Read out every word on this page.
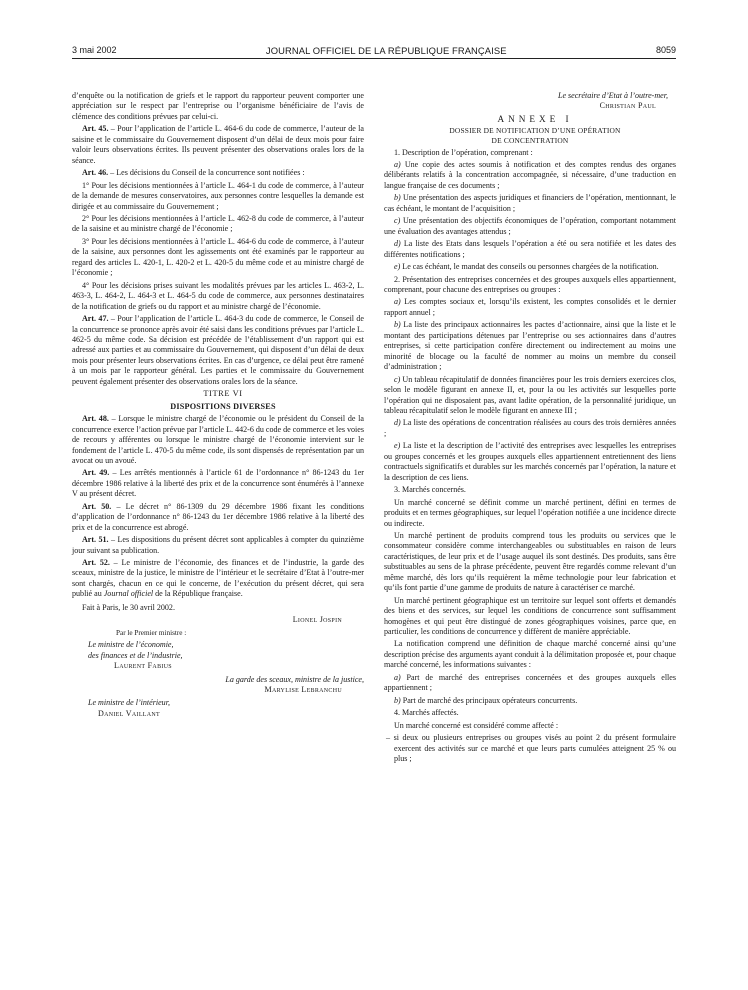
3 mai 2002	JOURNAL OFFICIEL DE LA RÉPUBLIQUE FRANÇAISE	8059

d’enquête ou la notification de griefs et le rapport du rapporteur peuvent comporter une appréciation sur le respect par l’entreprise ou l’organisme bénéficiaire de l’avis de clémence des conditions prévues par celui-ci.

Art. 45. – Pour l’application de l’article L. 464-6 du code de commerce, l’auteur de la saisine et le commissaire du Gouvernement disposent d’un délai de deux mois pour faire valoir leurs observations écrites. Ils peuvent présenter des observations orales lors de la séance.

Art. 46. – Les décisions du Conseil de la concurrence sont notifiées :

1° Pour les décisions mentionnées à l’article L. 464-1 du code de commerce, à l’auteur de la demande de mesures conservatoires, aux personnes contre lesquelles la demande est dirigée et au commissaire du Gouvernement ;

2° Pour les décisions mentionnées à l’article L. 462-8 du code de commerce, à l’auteur de la saisine et au ministre chargé de l’économie ;

3° Pour les décisions mentionnées à l’article L. 464-6 du code de commerce, à l’auteur de la saisine, aux personnes dont les agissements ont été examinés par le rapporteur au regard des articles L. 420-1, L. 420-2 et L. 420-5 du même code et au ministre chargé de l’économie ;

4° Pour les décisions prises suivant les modalités prévues par les articles L. 463-2, L. 463-3, L. 464-2, L. 464-3 et L. 464-5 du code de commerce, aux personnes destinataires de la notification de griefs ou du rapport et au ministre chargé de l’économie.

Art. 47. – Pour l’application de l’article L. 464-3 du code de commerce, le Conseil de la concurrence se prononce après avoir été saisi dans les conditions prévues par l’article L. 462-5 du même code. Sa décision est précédée de l’établissement d’un rapport qui est adressé aux parties et au commissaire du Gouvernement, qui disposent d’un délai de deux mois pour présenter leurs observations écrites. En cas d’urgence, ce délai peut être ramené à un mois par le rapporteur général. Les parties et le commissaire du Gouvernement peuvent également présenter des observations orales lors de la séance.

TITRE VI

DISPOSITIONS DIVERSES

Art. 48. – Lorsque le ministre chargé de l’économie ou le président du Conseil de la concurrence exerce l’action prévue par l’article L. 442-6 du code de commerce et les voies de recours y afférentes ou lorsque le ministre chargé de l’économie intervient sur le fondement de l’article L. 470-5 du même code, ils sont dispensés de représentation par un avocat ou un avoué.

Art. 49. – Les arrêtés mentionnés à l’article 61 de l’ordonnance n° 86-1243 du 1er décembre 1986 relative à la liberté des prix et de la concurrence sont énumérés à l’annexe V au présent décret.

Art. 50. – Le décret n° 86-1309 du 29 décembre 1986 fixant les conditions d’application de l’ordonnance n° 86-1243 du 1er décembre 1986 relative à la liberté des prix et de la concurrence est abrogé.

Art. 51. – Les dispositions du présent décret sont applicables à compter du quinzième jour suivant sa publication.

Art. 52. – Le ministre de l’économie, des finances et de l’industrie, la garde des sceaux, ministre de la justice, le ministre de l’intérieur et le secrétaire d’Etat à l’outre-mer sont chargés, chacun en ce qui le concerne, de l’exécution du présent décret, qui sera publié au Journal officiel de la République française.

Fait à Paris, le 30 avril 2002.

Lionel Jospin

Par le Premier ministre :

Le ministre de l’économie,

des finances et de l’industrie,

Laurent Fabius

La garde des sceaux, ministre de la justice,

Marylise Lebranchu

Le ministre de l’intérieur,

Daniel Vaillant

Le secrétaire d’Etat à l’outre-mer,

Christian Paul

ANNEXE I

DOSSIER DE NOTIFICATION D’UNE OPÉRATION
DE CONCENTRATION

1. Description de l’opération, comprenant :

a) Une copie des actes soumis à notification et des comptes rendus des organes délibérants relatifs à la concentration accompagnée, si nécessaire, d’une traduction en langue française de ces documents ;

b) Une présentation des aspects juridiques et financiers de l’opération, mentionnant, le cas échéant, le montant de l’acquisition ;

c) Une présentation des objectifs économiques de l’opération, comportant notamment une évaluation des avantages attendus ;

d) La liste des Etats dans lesquels l’opération a été ou sera notifiée et les dates des différentes notifications ;

e) Le cas échéant, le mandat des conseils ou personnes chargées de la notification.

2. Présentation des entreprises concernées et des groupes auxquels elles appartiennent, comprenant, pour chacune des entreprises ou groupes :

a) Les comptes sociaux et, lorsqu’ils existent, les comptes consolidés et le dernier rapport annuel ;

b) La liste des principaux actionnaires les pactes d’actionnaire, ainsi que la liste et le montant des participations détenues par l’entreprise ou ses actionnaires dans d’autres entreprises, si cette participation confère directement ou indirectement au moins une minorité de blocage ou la faculté de nommer au moins un membre du conseil d’administration ;

c) Un tableau récapitulatif de données financières pour les trois derniers exercices clos, selon le modèle figurant en annexe II, et, pour la ou les activités sur lesquelles porte l’opération qui ne disposaient pas, avant ladite opération, de la personnalité juridique, un tableau récapitulatif selon le modèle figurant en annexe III ;

d) La liste des opérations de concentration réalisées au cours des trois dernières années ;

e) La liste et la description de l’activité des entreprises avec lesquelles les entreprises ou groupes concernés et les groupes auxquels elles appartiennent entretiennent des liens contractuels significatifs et durables sur les marchés concernés par l’opération, la nature et la description de ces liens.

3. Marchés concernés.

Un marché concerné se définit comme un marché pertinent, défini en termes de produits et en termes géographiques, sur lequel l’opération notifiée a une incidence directe ou indirecte.

Un marché pertinent de produits comprend tous les produits ou services que le consommateur considère comme interchangeables ou substituables en raison de leurs caractéristiques, de leur prix et de l’usage auquel ils sont destinés. Des produits, sans être substituables au sens de la phrase précédente, peuvent être regardés comme relevant d’un même marché, dès lors qu’ils requièrent la même technologie pour leur fabrication et qu’ils font partie d’une gamme de produits de nature à caractériser ce marché.

Un marché pertinent géographique est un territoire sur lequel sont offerts et demandés des biens et des services, sur lequel les conditions de concurrence sont suffisamment homogènes et qui peut être distingué de zones géographiques voisines, parce que, en particulier, les conditions de concurrence y diffèrent de manière appréciable.

La notification comprend une définition de chaque marché concerné ainsi qu’une description précise des arguments ayant conduit à la délimitation proposée et, pour chaque marché concerné, les informations suivantes :

a) Part de marché des entreprises concernées et des groupes auxquels elles appartiennent ;

b) Part de marché des principaux opérateurs concurrents.

4. Marchés affectés.

Un marché concerné est considéré comme affecté :

– si deux ou plusieurs entreprises ou groupes visés au point 2 du présent formulaire exercent des activités sur ce marché et que leurs parts cumulées atteignent 25 % ou plus ;
